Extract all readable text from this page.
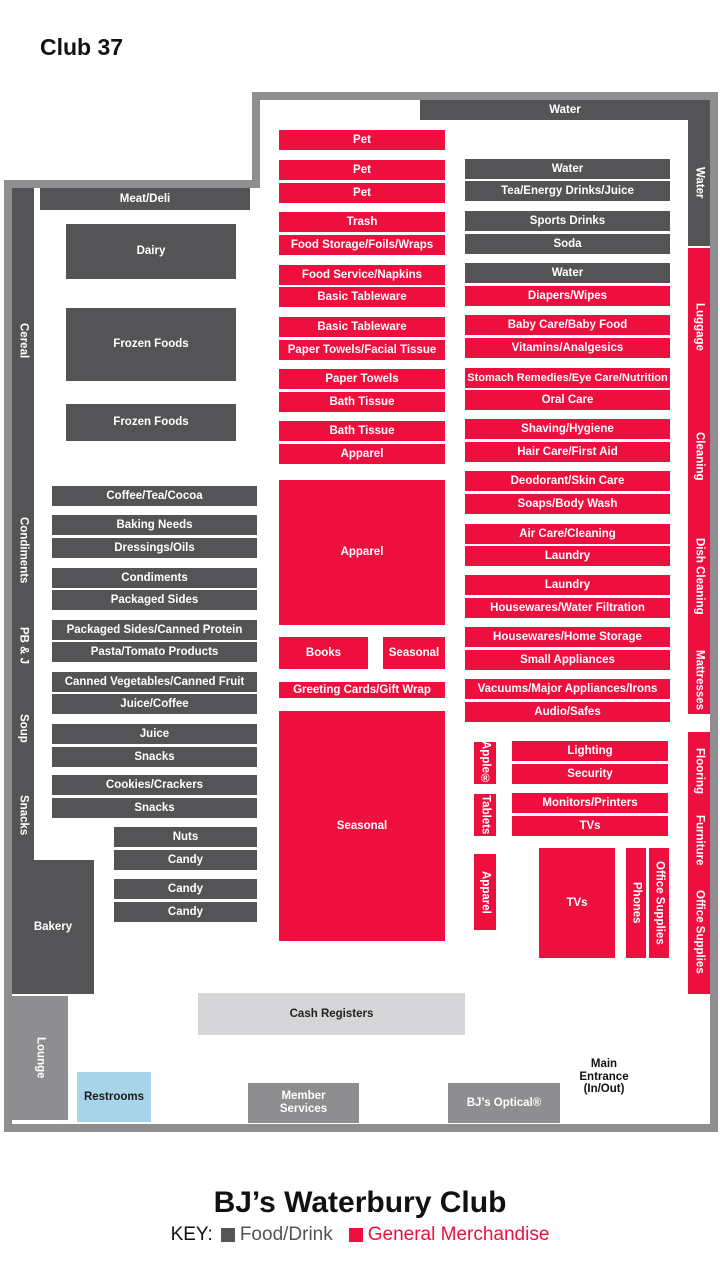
Club 37
Water
Water
Luggage
Cleaning
Dish Cleaning
Mattresses
Flooring
Furniture
Office Supplies
Meat/Deli
Cereal
Condiments
PB & J
Soup
Snacks
Bakery
Lounge
Dairy
Frozen Foods
Frozen Foods
Coffee/Tea/Cocoa
Baking Needs
Dressings/Oils
Condiments
Packaged Sides
Packaged Sides/Canned Protein
Pasta/Tomato Products
Canned Vegetables/Canned Fruit
Juice/Coffee
Juice
Snacks
Cookies/Crackers
Snacks
Nuts
Candy
Candy
Candy
Pet
Pet
Pet
Trash
Food Storage/Foils/Wraps
Food Service/Napkins
Basic Tableware
Basic Tableware
Paper Towels/Facial Tissue
Paper Towels
Bath Tissue
Bath Tissue
Apparel
Apparel
Books	Seasonal
Greeting Cards/Gift Wrap
Seasonal
Water
Tea/Energy Drinks/Juice
Sports Drinks
Soda
Water
Diapers/Wipes
Baby Care/Baby Food
Vitamins/Analgesics
Stomach Remedies/Eye Care/Nutrition
Oral Care
Shaving/Hygiene
Hair Care/First Aid
Deodorant/Skin Care
Soaps/Body Wash
Air Care/Cleaning
Laundry
Laundry
Housewares/Water Filtration
Housewares/Home Storage
Small Appliances
Vacuums/Major Appliances/Irons
Audio/Safes
Apple®
Tablets
Apparel
Lighting
Security
Monitors/Printers
TVs
TVs	Phones Office Supplies
Cash Registers
Restrooms	Member Services
BJ’s Optical®
Main Entrance (In/Out)
BJ’s Waterbury Club
KEY: Food/Drink General Merchandise
